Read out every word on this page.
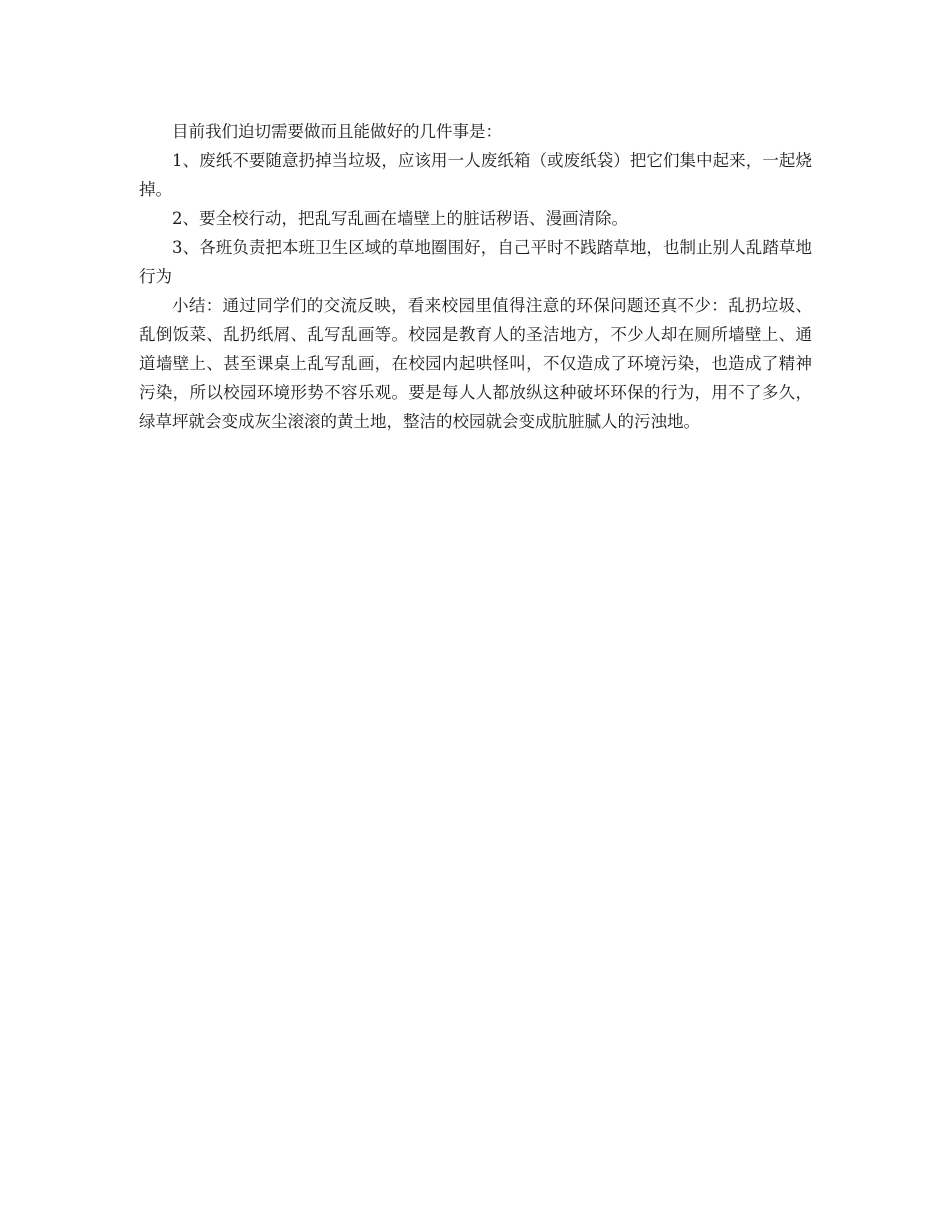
目前我们迫切需要做而且能做好的几件事是：

1、废纸不要随意扔掉当垃圾，应该用一人废纸箱（或废纸袋）把它们集中起来，一起烧掉。

2、要全校行动，把乱写乱画在墙壁上的脏话秽语、漫画清除。

3、各班负责把本班卫生区域的草地圈围好，自己平时不践踏草地，也制止别人乱踏草地行为

小结：通过同学们的交流反映，看来校园里值得注意的环保问题还真不少：乱扔垃圾、乱倒饭菜、乱扔纸屑、乱写乱画等。校园是教育人的圣洁地方，不少人却在厕所墙壁上、通道墙壁上、甚至课桌上乱写乱画，在校园内起哄怪叫，不仅造成了环境污染，也造成了精神污染，所以校园环境形势不容乐观。要是每人人都放纵这种破坏环保的行为，用不了多久，绿草坪就会变成灰尘滚滚的黄土地，整洁的校园就会变成肮脏腻人的污浊地。
